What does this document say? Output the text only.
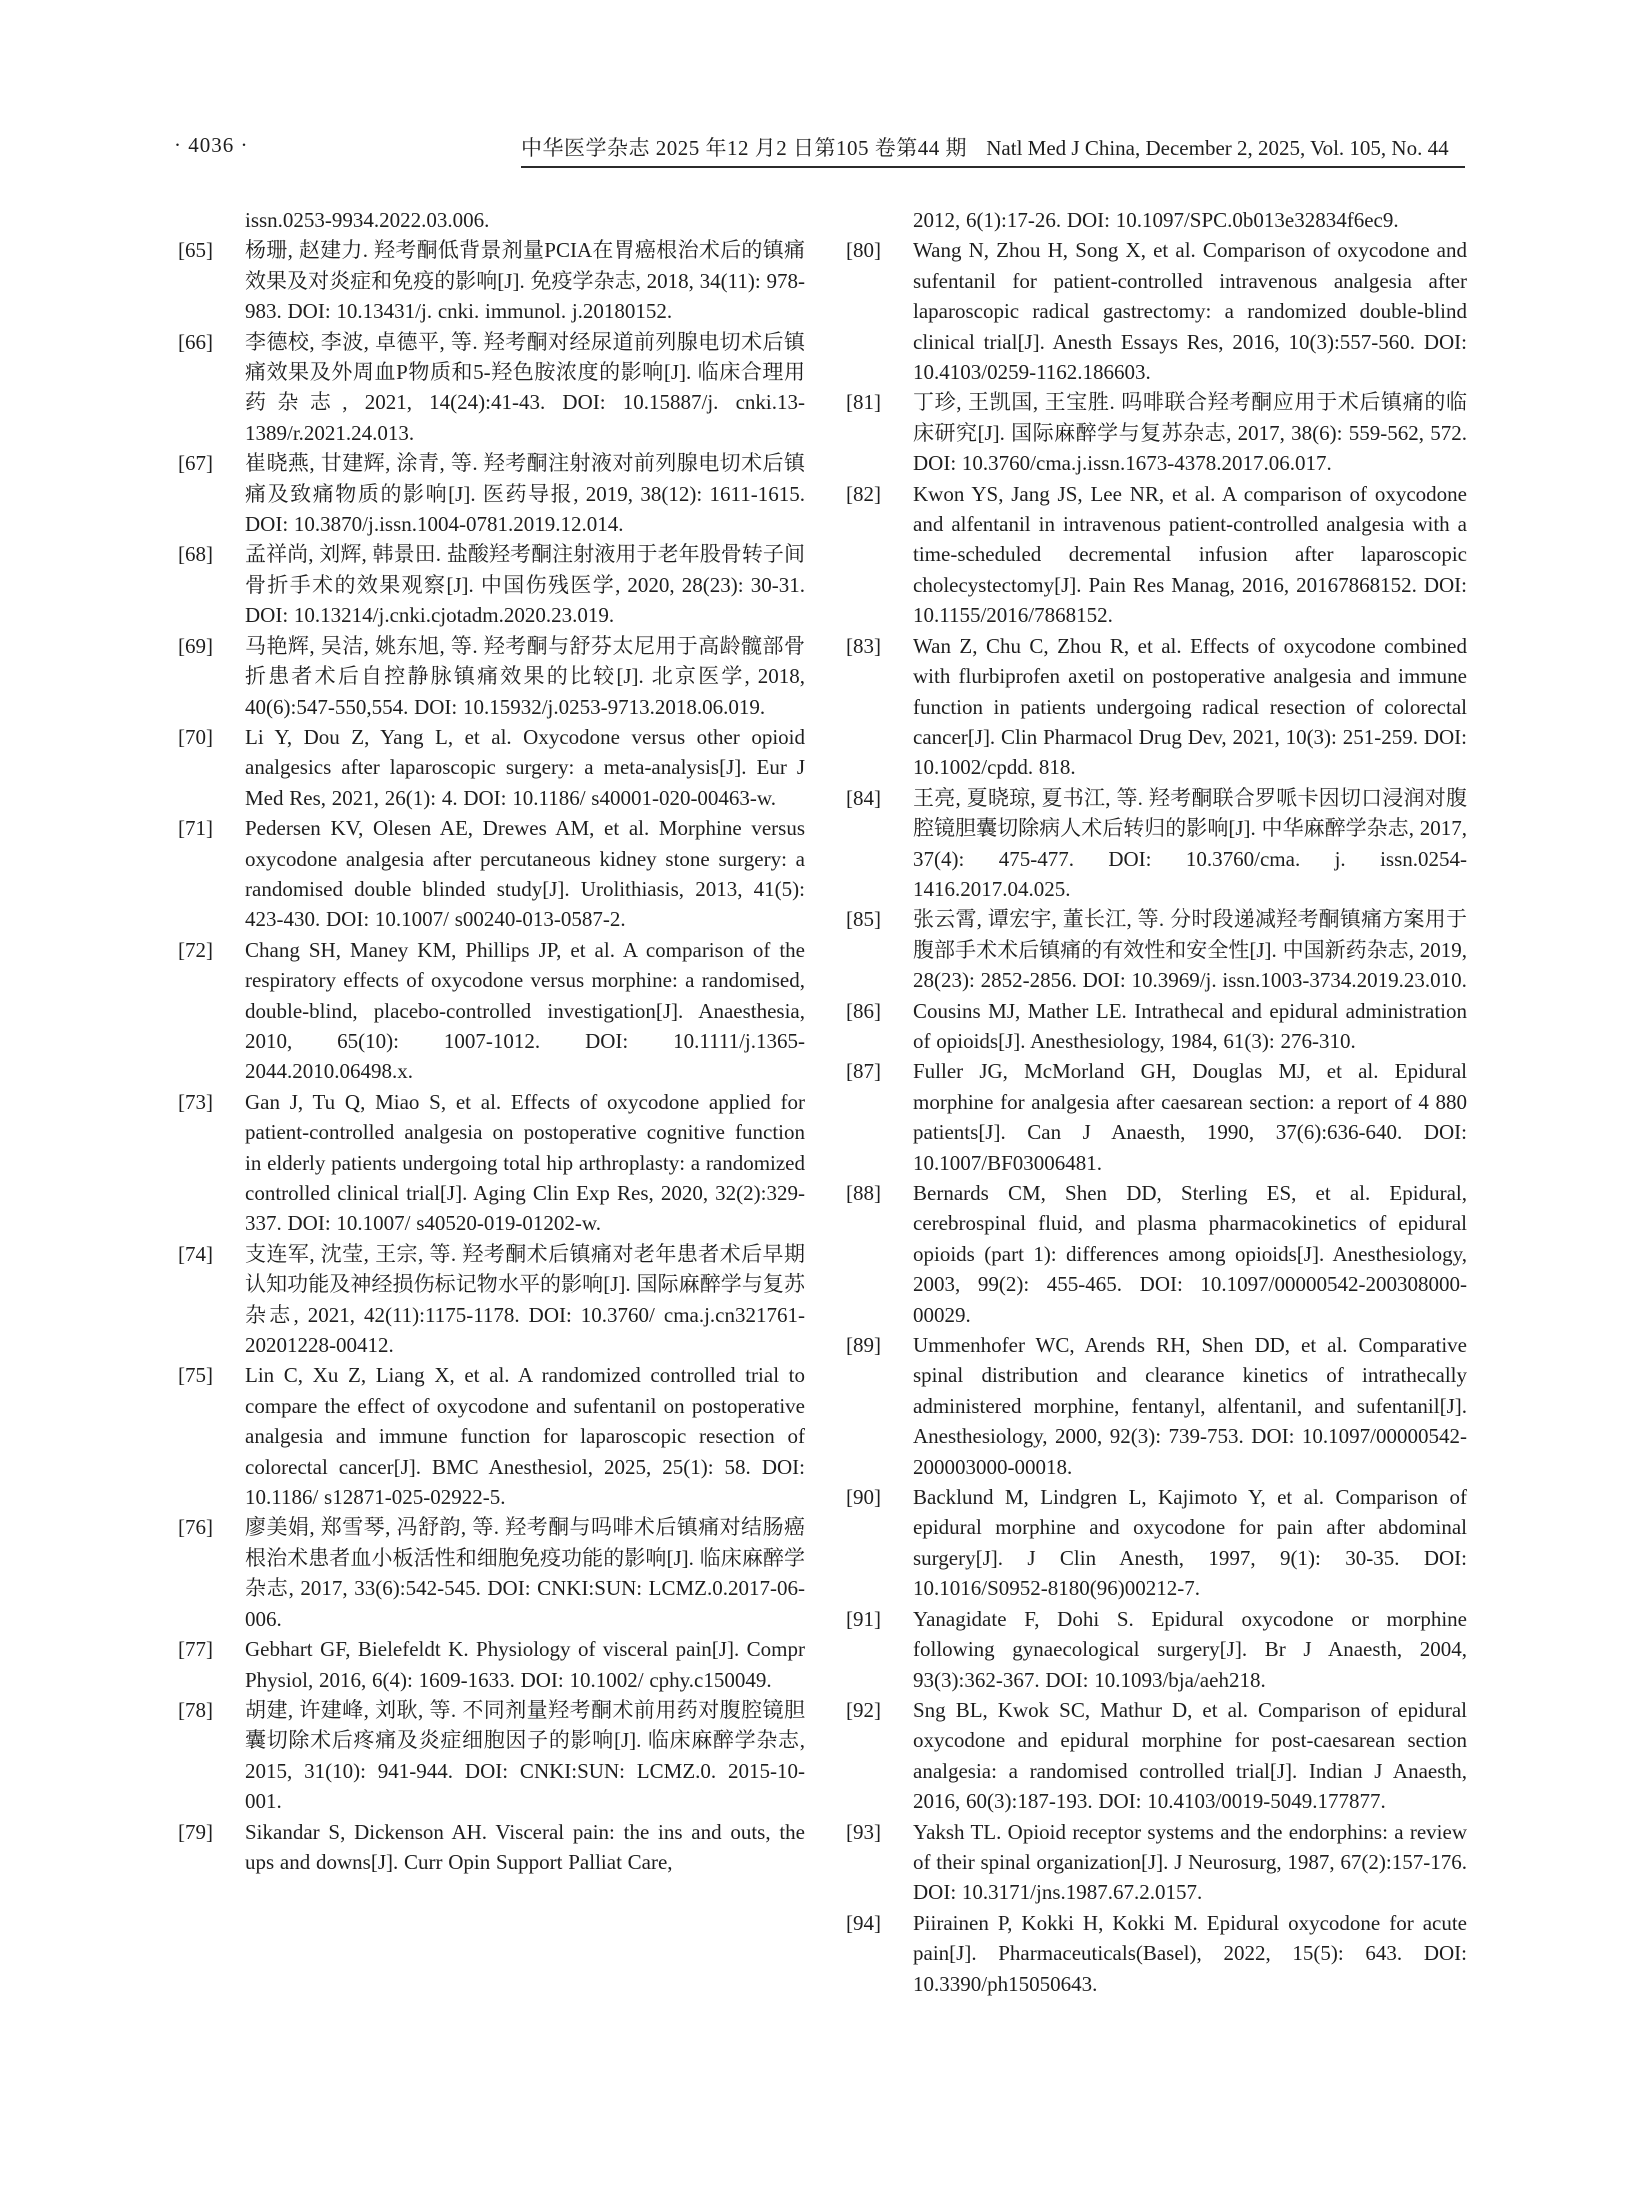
· 4036 ·	中华医学杂志 2025 年12 月2 日第105 卷第44 期 Natl Med J China, December 2, 2025, Vol. 105, No. 44
issn.0253-9934.2022.03.006.
[65]	杨珊, 赵建力. 羟考酮低背景剂量PCIA在胃癌根治术后的镇痛效果及对炎症和免疫的影响[J]. 免疫学杂志, 2018, 34(11): 978-983. DOI: 10.13431/j. cnki. immunol. j.20180152.
[66]	李德校, 李波, 卓德平, 等. 羟考酮对经尿道前列腺电切术后镇痛效果及外周血P物质和5-羟色胺浓度的影响[J]. 临床合理用药杂志, 2021, 14(24):41-43. DOI: 10.15887/j. cnki.13-1389/r.2021.24.013.
[67]	崔晓燕, 甘建辉, 涂青, 等. 羟考酮注射液对前列腺电切术后镇痛及致痛物质的影响[J]. 医药导报, 2019, 38(12): 1611-1615. DOI: 10.3870/j.issn.1004-0781.2019.12.014.
[68]	孟祥尚, 刘辉, 韩景田. 盐酸羟考酮注射液用于老年股骨转子间骨折手术的效果观察[J]. 中国伤残医学, 2020, 28(23): 30-31. DOI: 10.13214/j.cnki.cjotadm.2020.23.019.
[69]	马艳辉, 吴洁, 姚东旭, 等. 羟考酮与舒芬太尼用于高龄髋部骨折患者术后自控静脉镇痛效果的比较[J]. 北京医学, 2018, 40(6):547-550,554. DOI: 10.15932/j.0253-9713.2018.06.019.
[70]	Li Y, Dou Z, Yang L, et al. Oxycodone versus other opioid analgesics after laparoscopic surgery: a meta-analysis[J]. Eur J Med Res, 2021, 26(1): 4. DOI: 10.1186/ s40001-020-00463-w.
[71]	Pedersen KV, Olesen AE, Drewes AM, et al. Morphine versus oxycodone analgesia after percutaneous kidney stone surgery: a randomised double blinded study[J]. Urolithiasis, 2013, 41(5): 423-430. DOI: 10.1007/ s00240-013-0587-2.
[72]	Chang SH, Maney KM, Phillips JP, et al. A comparison of the respiratory effects of oxycodone versus morphine: a randomised, double-blind, placebo-controlled investigation[J]. Anaesthesia, 2010, 65(10): 1007-1012. DOI: 10.1111/j.1365-2044.2010.06498.x.
[73]	Gan J, Tu Q, Miao S, et al. Effects of oxycodone applied for patient-controlled analgesia on postoperative cognitive function in elderly patients undergoing total hip arthroplasty: a randomized controlled clinical trial[J]. Aging Clin Exp Res, 2020, 32(2):329-337. DOI: 10.1007/ s40520-019-01202-w.
[74]	支连军, 沈莹, 王宗, 等. 羟考酮术后镇痛对老年患者术后早期认知功能及神经损伤标记物水平的影响[J]. 国际麻醉学与复苏杂志, 2021, 42(11):1175-1178. DOI: 10.3760/ cma.j.cn321761-20201228-00412.
[75]	Lin C, Xu Z, Liang X, et al. A randomized controlled trial to compare the effect of oxycodone and sufentanil on postoperative analgesia and immune function for laparoscopic resection of colorectal cancer[J]. BMC Anesthesiol, 2025, 25(1): 58. DOI: 10.1186/ s12871-025-02922-5.
[76]	廖美娟, 郑雪琴, 冯舒韵, 等. 羟考酮与吗啡术后镇痛对结肠癌根治术患者血小板活性和细胞免疫功能的影响[J]. 临床麻醉学杂志, 2017, 33(6):542-545. DOI: CNKI:SUN: LCMZ.0.2017-06-006.
[77]	Gebhart GF, Bielefeldt K. Physiology of visceral pain[J]. Compr Physiol, 2016, 6(4): 1609-1633. DOI: 10.1002/ cphy.c150049.
[78]	胡建, 许建峰, 刘耿, 等. 不同剂量羟考酮术前用药对腹腔镜胆囊切除术后疼痛及炎症细胞因子的影响[J]. 临床麻醉学杂志, 2015, 31(10): 941-944. DOI: CNKI:SUN: LCMZ.0. 2015-10-001.
[79]	Sikandar S, Dickenson AH. Visceral pain: the ins and outs, the ups and downs[J]. Curr Opin Support Palliat Care,
2012, 6(1):17-26. DOI: 10.1097/SPC.0b013e32834f6ec9.
[80]	Wang N, Zhou H, Song X, et al. Comparison of oxycodone and sufentanil for patient-controlled intravenous analgesia after laparoscopic radical gastrectomy: a randomized double-blind clinical trial[J]. Anesth Essays Res, 2016, 10(3):557-560. DOI: 10.4103/0259-1162.186603.
[81]	丁珍, 王凯国, 王宝胜. 吗啡联合羟考酮应用于术后镇痛的临床研究[J]. 国际麻醉学与复苏杂志, 2017, 38(6): 559-562, 572. DOI: 10.3760/cma.j.issn.1673-4378.2017.06.017.
[82]	Kwon YS, Jang JS, Lee NR, et al. A comparison of oxycodone and alfentanil in intravenous patient-controlled analgesia with a time-scheduled decremental infusion after laparoscopic cholecystectomy[J]. Pain Res Manag, 2016, 20167868152. DOI: 10.1155/2016/7868152.
[83]	Wan Z, Chu C, Zhou R, et al. Effects of oxycodone combined with flurbiprofen axetil on postoperative analgesia and immune function in patients undergoing radical resection of colorectal cancer[J]. Clin Pharmacol Drug Dev, 2021, 10(3): 251-259. DOI: 10.1002/cpdd. 818.
[84]	王亮, 夏晓琼, 夏书江, 等. 羟考酮联合罗哌卡因切口浸润对腹腔镜胆囊切除病人术后转归的影响[J]. 中华麻醉学杂志, 2017, 37(4): 475-477. DOI: 10.3760/cma. j. issn.0254-1416.2017.04.025.
[85]	张云霄, 谭宏宇, 董长江, 等. 分时段递减羟考酮镇痛方案用于腹部手术术后镇痛的有效性和安全性[J]. 中国新药杂志, 2019, 28(23): 2852-2856. DOI: 10.3969/j. issn.1003-3734.2019.23.010.
[86]	Cousins MJ, Mather LE. Intrathecal and epidural administration of opioids[J]. Anesthesiology, 1984, 61(3): 276-310.
[87]	Fuller JG, McMorland GH, Douglas MJ, et al. Epidural morphine for analgesia after caesarean section: a report of 4 880 patients[J]. Can J Anaesth, 1990, 37(6):636-640. DOI: 10.1007/BF03006481.
[88]	Bernards CM, Shen DD, Sterling ES, et al. Epidural, cerebrospinal fluid, and plasma pharmacokinetics of epidural opioids (part 1): differences among opioids[J]. Anesthesiology, 2003, 99(2): 455-465. DOI: 10.1097/00000542-200308000-00029.
[89]	Ummenhofer WC, Arends RH, Shen DD, et al. Comparative spinal distribution and clearance kinetics of intrathecally administered morphine, fentanyl, alfentanil, and sufentanil[J]. Anesthesiology, 2000, 92(3): 739-753. DOI: 10.1097/00000542-200003000-00018.
[90]	Backlund M, Lindgren L, Kajimoto Y, et al. Comparison of epidural morphine and oxycodone for pain after abdominal surgery[J]. J Clin Anesth, 1997, 9(1): 30-35. DOI: 10.1016/S0952-8180(96)00212-7.
[91]	Yanagidate F, Dohi S. Epidural oxycodone or morphine following gynaecological surgery[J]. Br J Anaesth, 2004, 93(3):362-367. DOI: 10.1093/bja/aeh218.
[92]	Sng BL, Kwok SC, Mathur D, et al. Comparison of epidural oxycodone and epidural morphine for post-caesarean section analgesia: a randomised controlled trial[J]. Indian J Anaesth, 2016, 60(3):187-193. DOI: 10.4103/0019-5049.177877.
[93]	Yaksh TL. Opioid receptor systems and the endorphins: a review of their spinal organization[J]. J Neurosurg, 1987, 67(2):157-176. DOI: 10.3171/jns.1987.67.2.0157.
[94]	Piirainen P, Kokki H, Kokki M. Epidural oxycodone for acute pain[J]. Pharmaceuticals(Basel), 2022, 15(5): 643. DOI: 10.3390/ph15050643.
